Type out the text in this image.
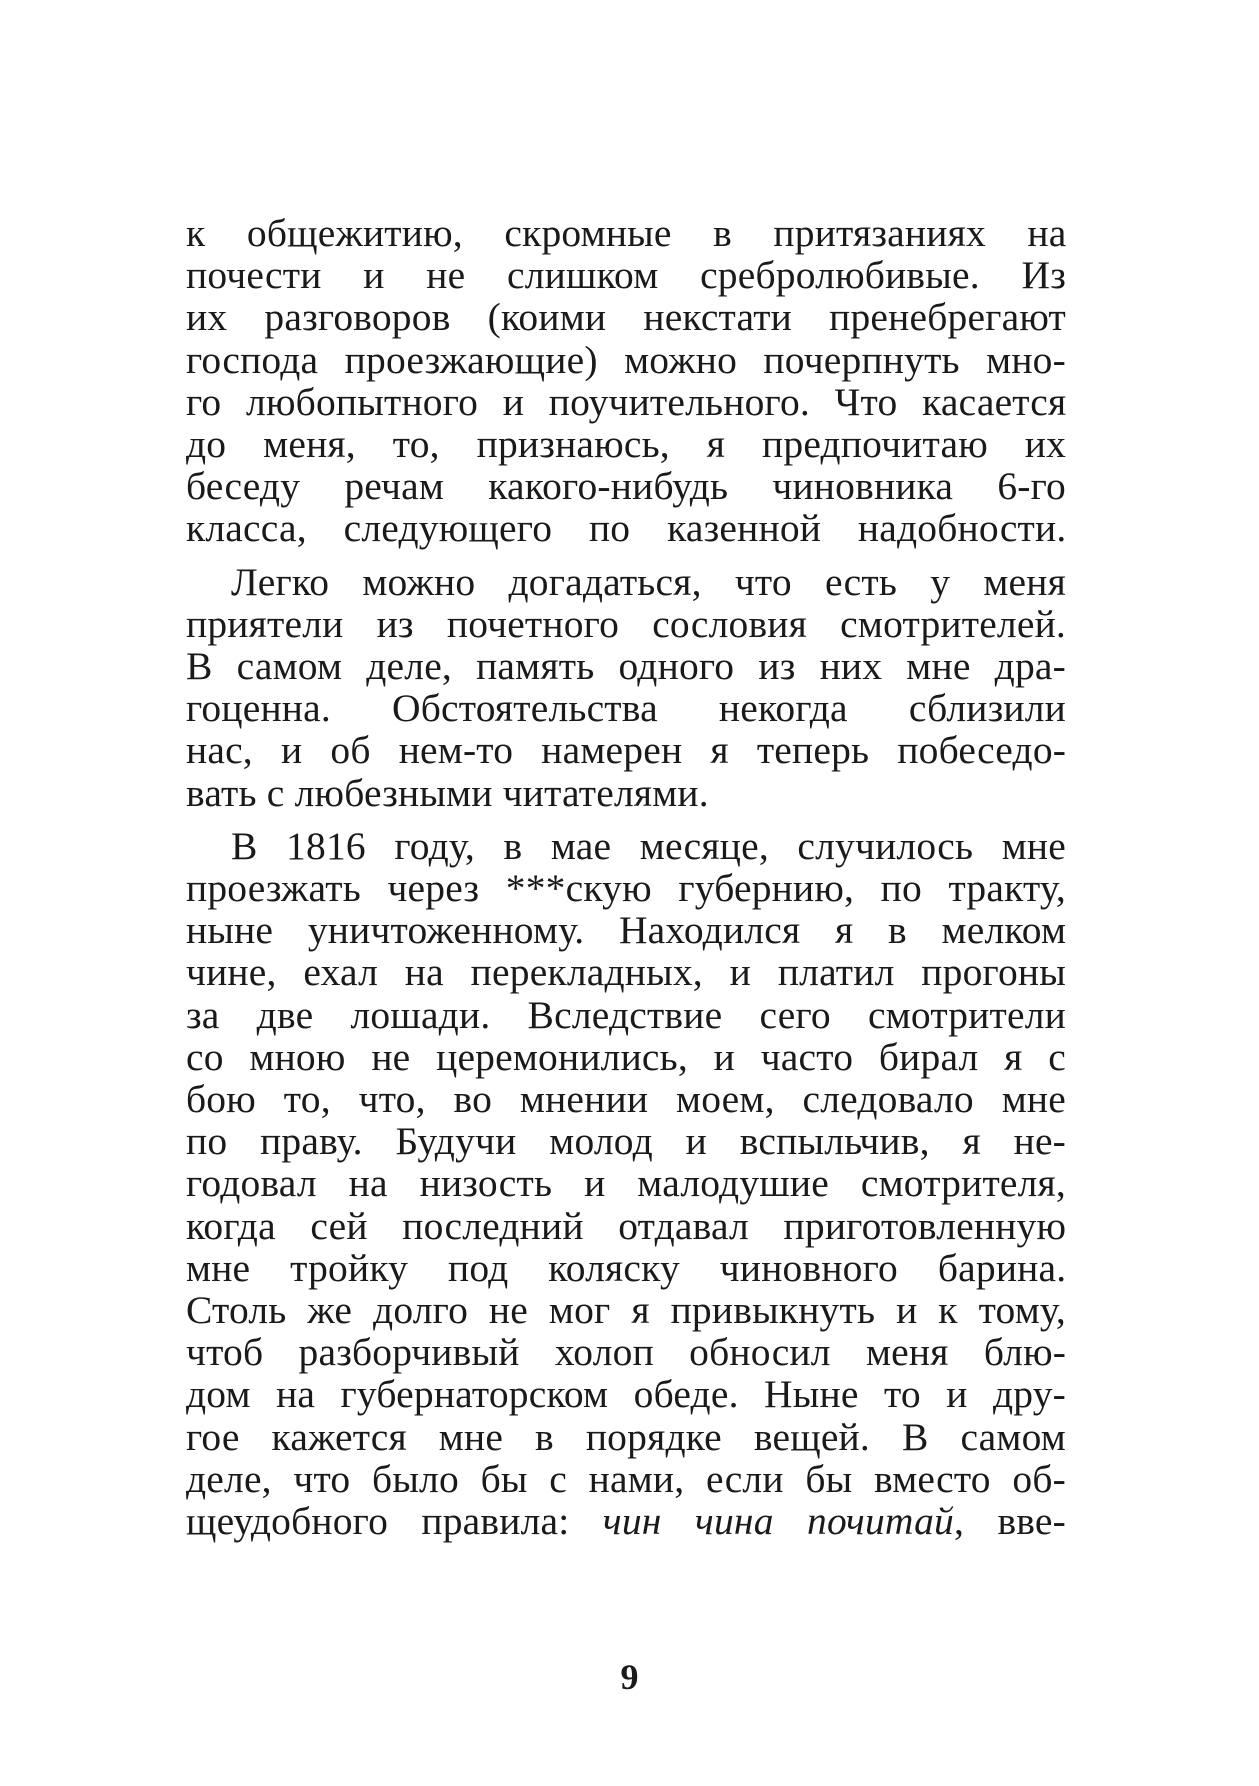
к общежитию, скромные в притязаниях на
почести и не слишком сребролюбивые. Из
их разговоров (коими некстати пренебрегают
господа проезжающие) можно почерпнуть мно-
го любопытного и поучительного. Что касается
до меня, то, признаюсь, я предпочитаю их
беседу речам какого-нибудь чиновника 6-го
класса, следующего по казенной надобности.
Легко можно догадаться, что есть у меня
приятели из почетного сословия смотрителей.
В самом деле, память одного из них мне дра-
гоценна. Обстоятельства некогда сблизили
нас, и об нем-то намерен я теперь побеседо-
вать с любезными читателями.
В 1816 году, в мае месяце, случилось мне
проезжать через ***скую губернию, по тракту,
ныне уничтоженному. Находился я в мелком
чине, ехал на перекладных, и платил прогоны
за две лошади. Вследствие сего смотрители
со мною не церемонились, и часто бирал я с
бою то, что, во мнении моем, следовало мне
по праву. Будучи молод и вспыльчив, я не-
годовал на низость и малодушие смотрителя,
когда сей последний отдавал приготовленную
мне тройку под коляску чиновного барина.
Столь же долго не мог я привыкнуть и к тому,
чтоб разборчивый холоп обносил меня блю-
дом на губернаторском обеде. Ныне то и дру-
гое кажется мне в порядке вещей. В самом
деле, что было бы с нами, если бы вместо об-
щеудобного правила: чин чина почитай, вве-
9
